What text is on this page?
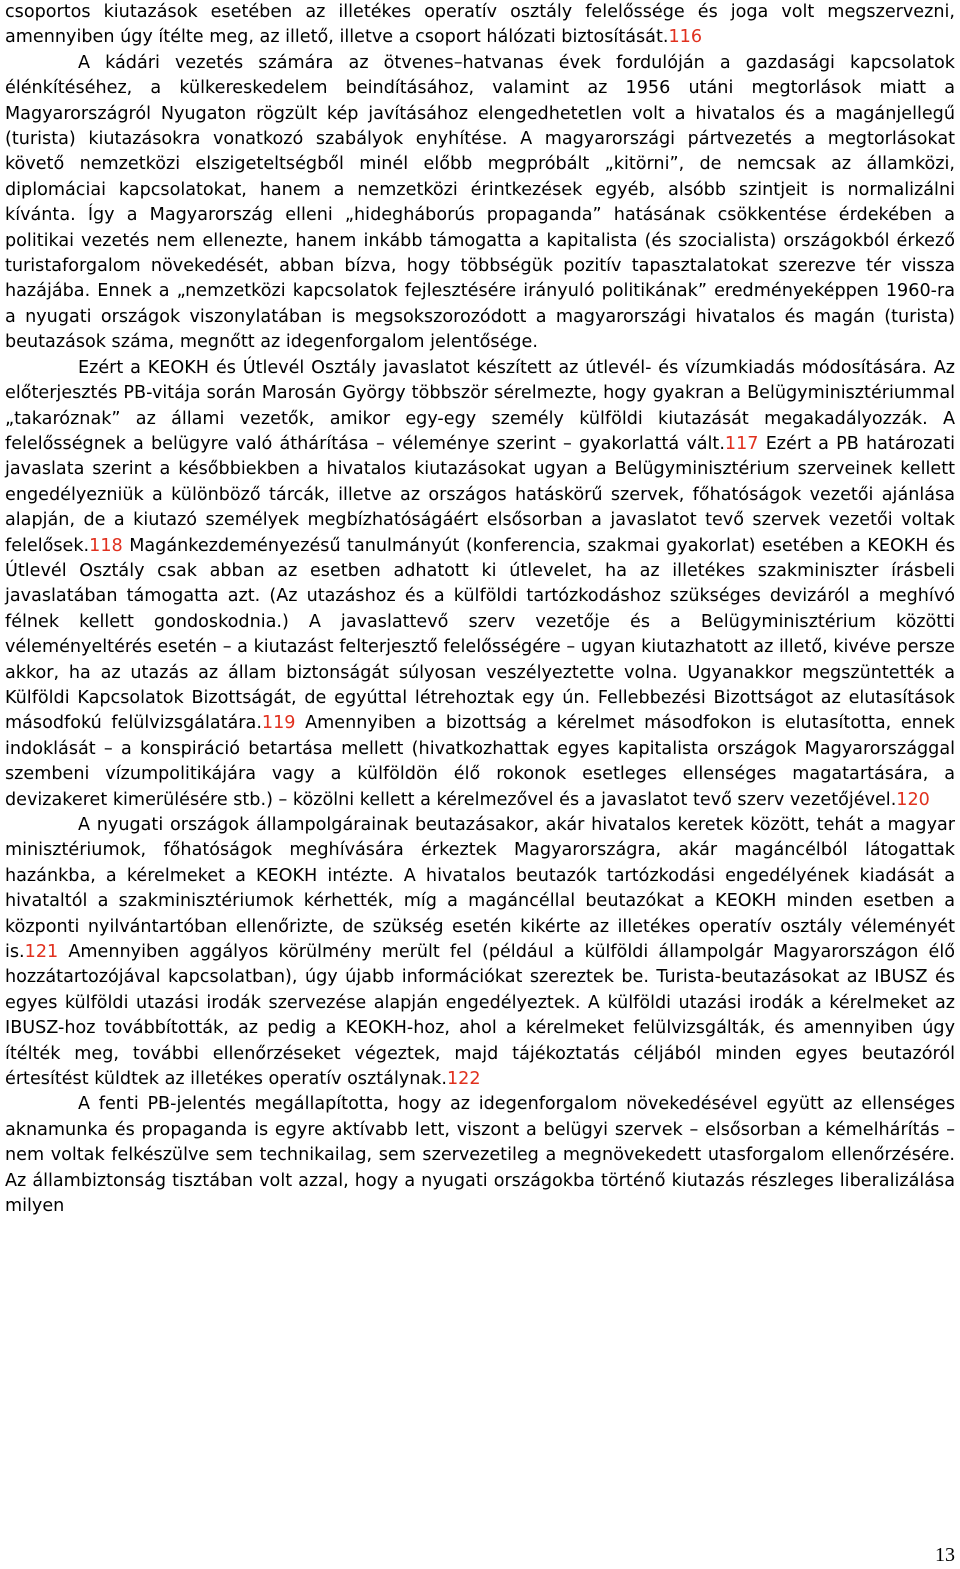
csoportos kiutazások esetében az illetékes operatív osztály felelőssége és joga volt megszervezni, amennyiben úgy ítélte meg, az illető, illetve a csoport hálózati biztosítását.116

A kádári vezetés számára az ötvenes–hatvanas évek fordulóján a gazdasági kapcsolatok élénkítéséhez, a külkereskedelem beindításához, valamint az 1956 utáni megtorlások miatt a Magyarországról Nyugaton rögzült kép javításához elengedhetetlen volt a hivatalos és a magánjellegű (turista) kiutazásokra vonatkozó szabályok enyhítése. A magyarországi pártvezetés a megtorlásokat követő nemzetközi elszigeteltségből minél előbb megpróbált „kitörni”, de nemcsak az államközi, diplomáciai kapcsolatokat, hanem a nemzetközi érintkezések egyéb, alsóbb szintjeit is normalizálni kívánta. Így a Magyarország elleni „hidegháborús propaganda” hatásának csökkentése érdekében a politikai vezetés nem ellenezte, hanem inkább támogatta a kapitalista (és szocialista) országokból érkező turistaforgalom növekedését, abban bízva, hogy többségük pozitív tapasztalatokat szerezve tér vissza hazájába. Ennek a „nemzetközi kapcsolatok fejlesztésére irányuló politikának” eredményeképpen 1960-ra a nyugati országok viszonylatában is megsokszorozódott a magyarországi hivatalos és magán (turista) beutazások száma, megnőtt az idegenforgalom jelentősége.

Ezért a KEOKH és Útlevél Osztály javaslatot készített az útlevél- és vízumkiadás módosítására. Az előterjesztés PB-vitája során Marosán György többször sérelmezte, hogy gyakran a Belügyminisztériummal „takaróznak” az állami vezetők, amikor egy-egy személy külföldi kiutazását megakadályozzák. A felelősségnek a belügyre való áthárítása – véleménye szerint – gyakorlattá vált.117 Ezért a PB határozati javaslata szerint a későbbiekben a hivatalos kiutazásokat ugyan a Belügyminisztérium szerveinek kellett engedélyezniük a különböző tárcák, illetve az országos hatáskörű szervek, főhatóságok vezetői ajánlása alapján, de a kiutazó személyek megbízhatóságáért elsősorban a javaslatot tevő szervek vezetői voltak felelősek.118 Magánkezdeményezésű tanulmányút (konferencia, szakmai gyakorlat) esetében a KEOKH és Útlevél Osztály csak abban az esetben adhatott ki útlevelet, ha az illetékes szakminiszter írásbeli javaslatában támogatta azt. (Az utazáshoz és a külföldi tartózkodáshoz szükséges devizáról a meghívó félnek kellett gondoskodnia.) A javaslattevő szerv vezetője és a Belügyminisztérium közötti véleményeltérés esetén – a kiutazást felterjesztő felelősségére – ugyan kiutazhatott az illető, kivéve persze akkor, ha az utazás az állam biztonságát súlyosan veszélyeztette volna. Ugyanakkor megszüntették a Külföldi Kapcsolatok Bizottságát, de egyúttal létrehoztak egy ún. Fellebbezési Bizottságot az elutasítások másodfokú felülvizsgálatára.119 Amennyiben a bizottság a kérelmet másodfokon is elutasította, ennek indoklását – a konspiráció betartása mellett (hivatkozhattak egyes kapitalista országok Magyarországgal szembeni vízumpolitikájára vagy a külföldön élő rokonok esetleges ellenséges magatartására, a devizakeret kimerülésére stb.) – közölni kellett a kérelmezővel és a javaslatot tevő szerv vezetőjével.120

A nyugati országok állampolgárainak beutazásakor, akár hivatalos keretek között, tehát a magyar minisztériumok, főhatóságok meghívására érkeztek Magyarországra, akár magáncélból látogattak hazánkba, a kérelmeket a KEOKH intézte. A hivatalos beutazók tartózkodási engedélyének kiadását a hivataltól a szakminisztériumok kérhették, míg a magáncéllal beutazókat a KEOKH minden esetben a központi nyilvántartóban ellenőrizte, de szükség esetén kikérte az illetékes operatív osztály véleményét is.121 Amennyiben aggályos körülmény merült fel (például a külföldi állampolgár Magyarországon élő hozzátartozójával kapcsolatban), úgy újabb információkat szereztek be. Turista-beutazásokat az IBUSZ és egyes külföldi utazási irodák szervezése alapján engedélyeztek. A külföldi utazási irodák a kérelmeket az IBUSZ-hoz továbbították, az pedig a KEOKH-hoz, ahol a kérelmeket felülvizsgálták, és amennyiben úgy ítélték meg, további ellenőrzéseket végeztek, majd tájékoztatás céljából minden egyes beutazóról értesítést küldtek az illetékes operatív osztálynak.122

A fenti PB-jelentés megállapította, hogy az idegenforgalom növekedésével együtt az ellenséges aknamunka és propaganda is egyre aktívabb lett, viszont a belügyi szervek – elsősorban a kémelhárítás – nem voltak felkészülve sem technikailag, sem szervezetileg a megnövekedett utasforgalom ellenőrzésére. Az állambiztonság tisztában volt azzal, hogy a nyugati országokba történő kiutazás részleges liberalizálása milyen

13
